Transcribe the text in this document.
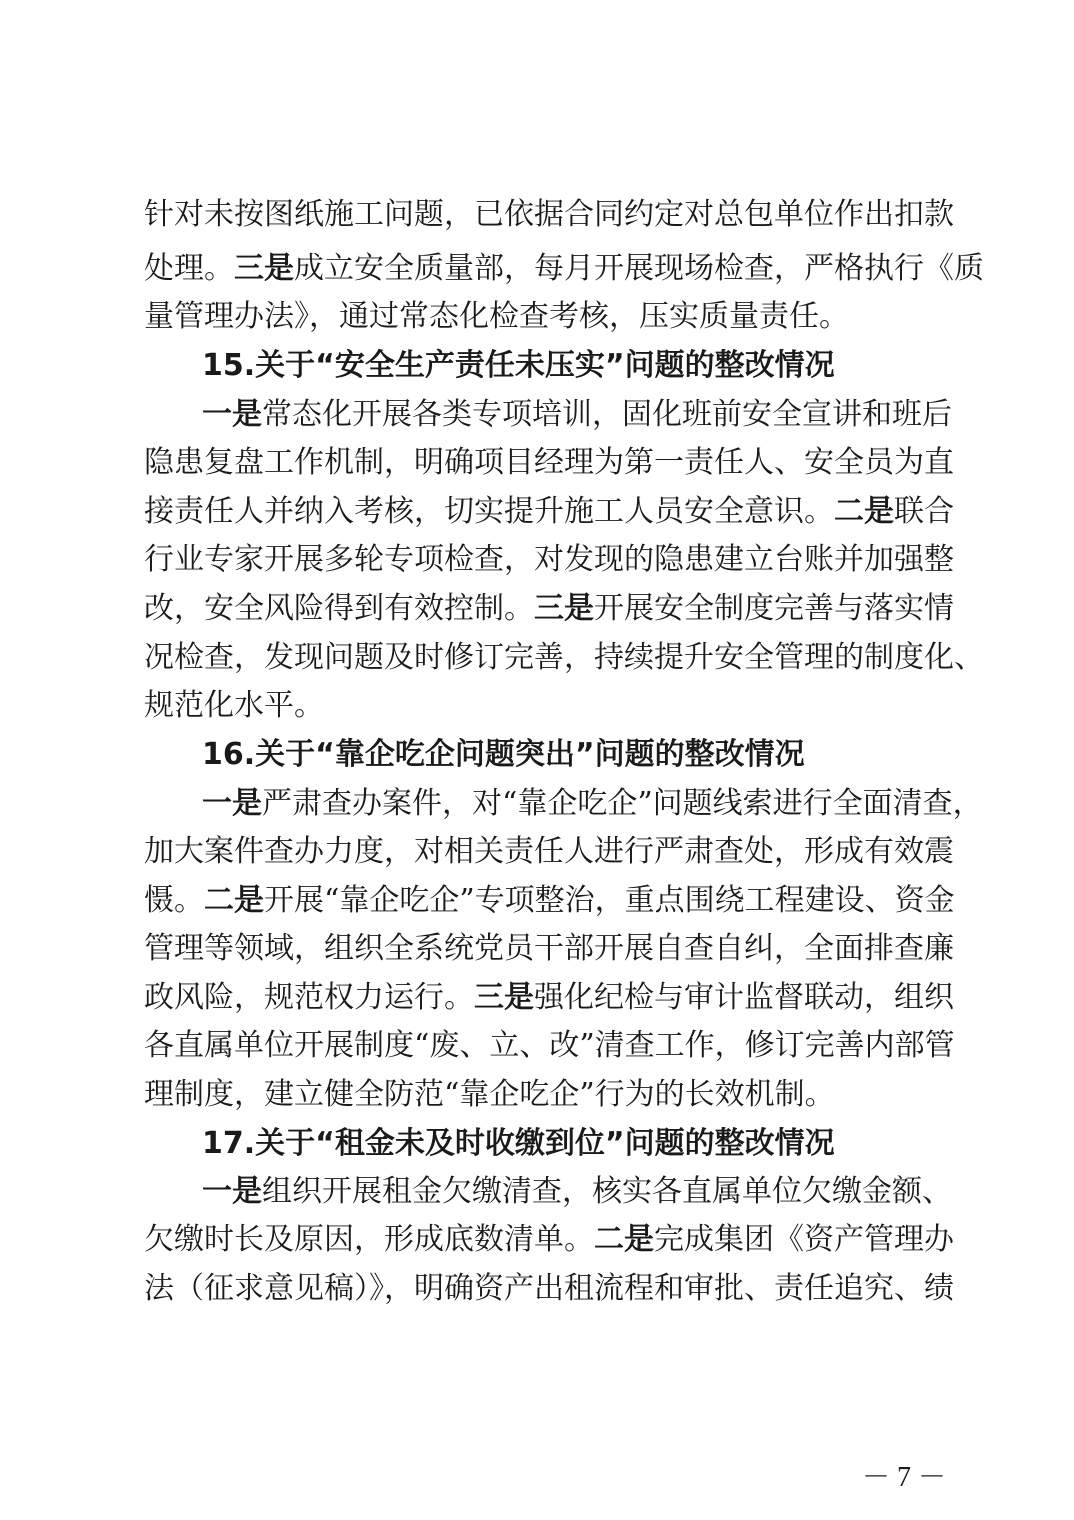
针对未按图纸施工问题，已依据合同约定对总包单位作出扣款
处理。三是成立安全质量部，每月开展现场检查，严格执行《质
量管理办法》，通过常态化检查考核，压实质量责任。
15.关于“安全生产责任未压实”问题的整改情况
一是常态化开展各类专项培训，固化班前安全宣讲和班后
隐患复盘工作机制，明确项目经理为第一责任人、安全员为直
接责任人并纳入考核，切实提升施工人员安全意识。二是联合
行业专家开展多轮专项检查，对发现的隐患建立台账并加强整
改，安全风险得到有效控制。三是开展安全制度完善与落实情
况检查，发现问题及时修订完善，持续提升安全管理的制度化、
规范化水平。
16.关于“靠企吃企问题突出”问题的整改情况
一是严肃查办案件，对“靠企吃企”问题线索进行全面清查，
加大案件查办力度，对相关责任人进行严肃查处，形成有效震
慑。二是开展“靠企吃企”专项整治，重点围绕工程建设、资金
管理等领域，组织全系统党员干部开展自查自纠，全面排查廉
政风险，规范权力运行。三是强化纪检与审计监督联动，组织
各直属单位开展制度“废、立、改”清查工作，修订完善内部管
理制度，建立健全防范“靠企吃企”行为的长效机制。
17.关于“租金未及时收缴到位”问题的整改情况
一是组织开展租金欠缴清查，核实各直属单位欠缴金额、
欠缴时长及原因，形成底数清单。二是完成集团《资产管理办
法（征求意见稿）》，明确资产出租流程和审批、责任追究、绩
－ 7 －
